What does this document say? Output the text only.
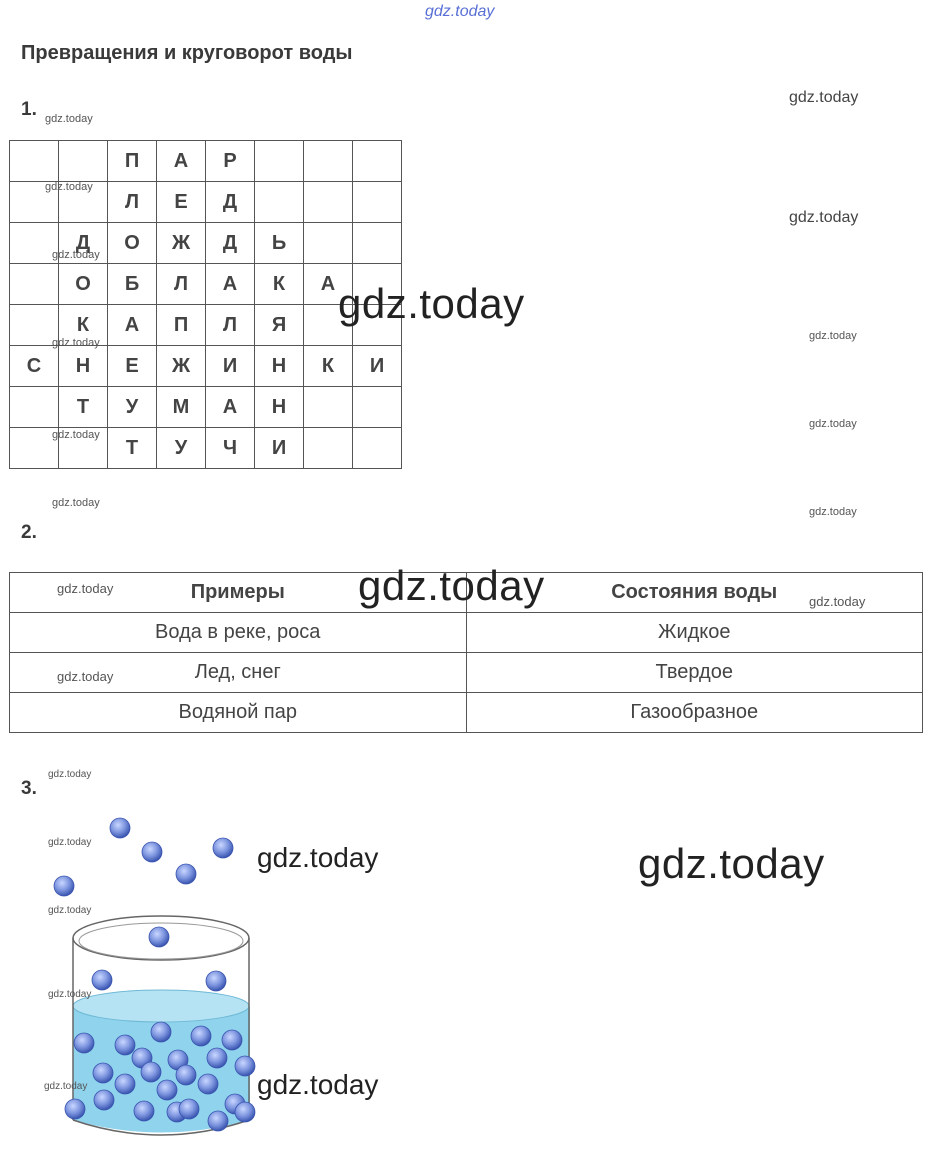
gdz.today
Превращения и круговорот воды
1.
		П	А	Р			
		Л	Е	Д			
	Д	О	Ж	Д	Ь		
	О	Б	Л	А	К	А	
	К	А	П	Л	Я		
С	Н	Е	Ж	И	Н	К	И
	Т	У	М	А	Н		
		Т	У	Ч	И		
2.
Примеры	Состояния воды
Вода в реке, роса	Жидкое
Лед, снег	Твердое
Водяной пар	Газообразное
3.
gdz.today
gdz.today
gdz.today
gdz.today
gdz.today
gdz.today
gdz.today
gdz.today
gdz.today
gdz.today
gdz.today
gdz.today
gdz.today
gdz.today
gdz.today
gdz.today
gdz.today
gdz.today
gdz.today
gdz.today
gdz.today
gdz.today
gdz.today
gdz.today
